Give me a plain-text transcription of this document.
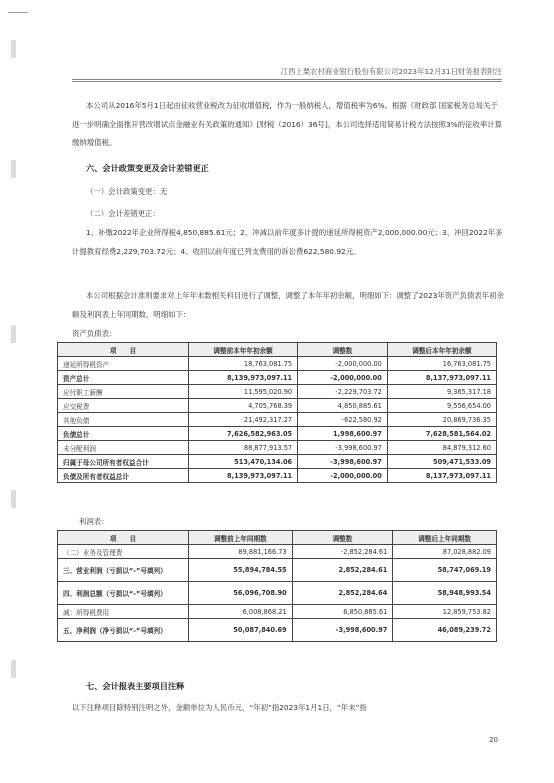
江西上栗农村商业银行股份有限公司2023年12月31日财务报表附注
本公司从2016年5月1日起由征收营业税改为征收增值税，作为一般纳税人，增值税率为6%。根据《财政部 国家税务总局关于进一步明确全面推开营改增试点金融业有关政策的通知》[财税（2016）36号]，本公司选择适用简易计税方法按照3%的征收率计算缴纳增值税。
六、会计政策变更及会计差错更正
（一）会计政策变更：无
（二）会计差错更正：
1、补缴2022年企业所得税4,850,885.61元；2、冲减以前年度多计提的递延所得税资产2,000,000.00元；3、冲回2022年多计提教育经费2,229,703.72元；4、收回以前年度已列支费用的诉讼费622,580.92元。
本公司根据会计准则要求对上年年末数相关科目进行了调整，调整了本年年初余额，明细如下：调整了2023年资产负债表年初余额及利润表上年同期数，明细如下：
资产负债表：
项　　目	调整前本年年初余额	调整数	调整后本年年初余额
递延所得税资产	18,763,081.75	-2,000,000.00	16,763,081.75
资产总计	8,139,973,097.11	-2,000,000.00	8,137,973,097.11
应付职工薪酬	11,595,020.90	-2,229,703.72	9,365,317.18
应交税费	4,705,768.39	4,850,885.61	9,556,654.00
其他负债	21,492,317.27	-622,580.92	20,869,736.35
负债总计	7,626,582,963.05	1,998,600.97	7,628,581,564.02
未分配利润	88,877,913.57	-3,998,600.97	84,879,312.60
归属于母公司所有者权益合计	513,470,134.06	-3,998,600.97	509,471,533.09
负债及所有者权益总计	8,139,973,097.11	-2,000,000.00	8,137,973,097.11
利润表：
项　　目	调整前上年同期数	调整数	调整后上年同期数
（二）业务及管理费	89,881,166.73	-2,852,284.61	87,028,882.09
三、营业利润（亏损以“-”号填列）	55,894,784.55	2,852,284.61	58,747,069.19
四、利润总额（亏损以“-”号填列）	56,096,708.90	2,852,284.64	58,948,993.54
减：所得税费用	6,008,868.21	6,850,885.61	12,859,753.82
五、净利润（净亏损以“-”号填列）	50,087,840.69	-3,998,600.97	46,089,239.72
七、会计报表主要项目注释
以下注释项目除特别注明之外，金额单位为人民币元，“年初”指2023年1月1日，“年末”指
20
